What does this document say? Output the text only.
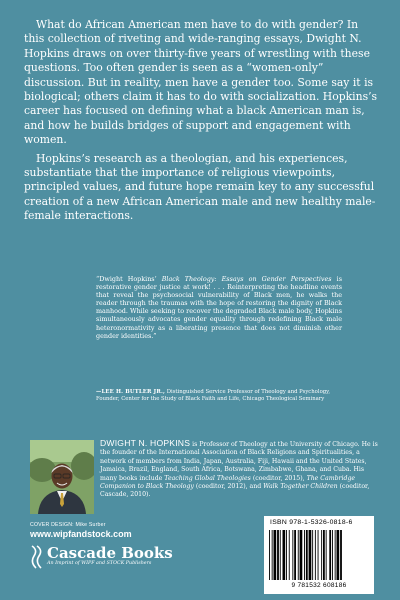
What do African American men have to do with gender? In this collection of riveting and wide-ranging essays, Dwight N. Hopkins draws on over thirty-five years of wrestling with these questions. Too often gender is seen as a “women-only” discussion. But in reality, men have a gender too. Some say it is biological; others claim it has to do with socialization. Hopkins’s career has focused on defining what a black American man is, and how he builds bridges of support and engagement with women.

Hopkins’s research as a theologian, and his experiences, substantiate that the importance of religious viewpoints, principled values, and future hope remain key to any successful creation of a new African American male and new healthy male-female interactions.

“Dwight Hopkins’ Black Theology: Essays on Gender Perspectives is restorative gender justice at work! . . . Reinterpreting the headline events that reveal the psychosocial vulnerability of Black men, he walks the reader through the traumas with the hope of restoring the dignity of Black manhood. While seeking to recover the degraded Black male body, Hopkins simultaneously advocates gender equality through redefining Black male heteronormativity as a liberating presence that does not diminish other gender identities.”

—LEE H. BUTLER JR., Distinguished Service Professor of Theology and Psychology, Founder, Center for the Study of Black Faith and Life, Chicago Theological Seminary
DWIGHT N. HOPKINS is Professor of Theology at the University of Chicago. He is the founder of the International Association of Black Religions and Spiritualities, a network of members from India, Japan, Australia, Fiji, Hawaii and the United States, Jamaica, Brazil, England, South Africa, Botswana, Zimbabwe, Ghana, and Cuba. His many books include Teaching Global Theologies (coeditor, 2015), The Cambridge Companion to Black Theology (coeditor, 2012), and Walk Together Children (coeditor, Cascade, 2010).
COVER DESIGN: Mike Surber
www.wipfandstock.com
Cascade Books
An Imprint of WIPF and STOCK Publishers
ISBN 978-1-5326-0818-6
9 781532 608186
